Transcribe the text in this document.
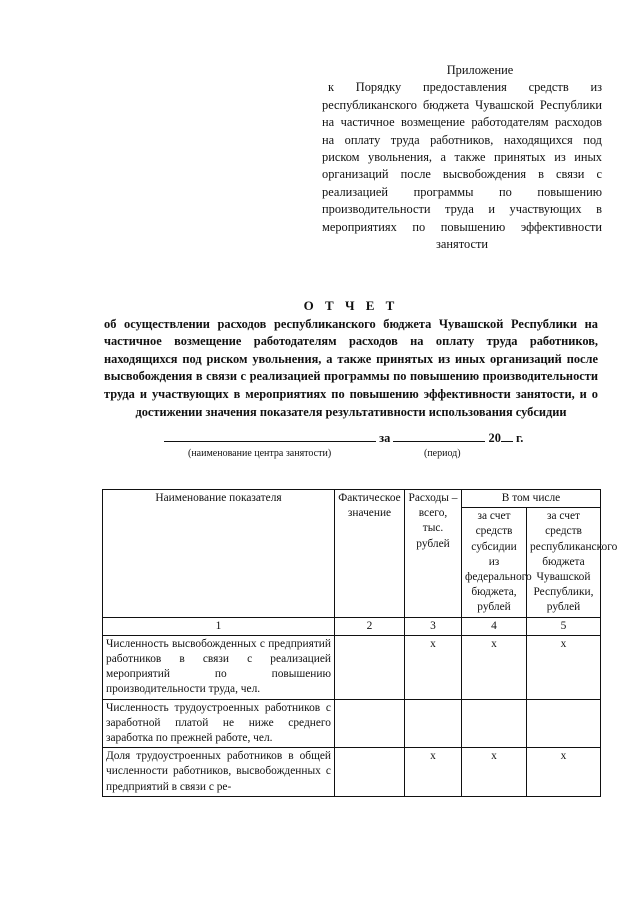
Приложение
к Порядку предоставления средств из республиканского бюджета Чувашской Республики на частичное возмещение работодателям расходов на оплату труда работников, находящихся под риском увольнения, а также принятых из иных организаций после высвобождения в связи с реализацией программы по повышению производительности труда и участвующих в мероприятиях по повышению эффективности занятости
О Т Ч Е Т
об осуществлении расходов республиканского бюджета Чувашской Республики на частичное возмещение работодателям расходов на оплату труда работников, находящихся под риском увольнения, а также принятых из иных организаций после высвобождения в связи с реализацией программы по повышению производительности труда и участвующих в мероприятиях по повышению эффективности занятости, и о достижении значения показателя результативности использования субсидии
за	20 г.
(наименование центра занятости)	(период)
Наименование показателя	Фактическое значение	Расходы – всего, тыс. рублей	В том числе	
			за счет средств субсидии из федерального бюджета, рублей	за счет средств республиканского бюджета Чувашской Республики, рублей
1	2	3	4	5
Численность высвобожденных с предприятий работников в связи с реализацией мероприятий по повышению производительности труда, чел.		х	х	х
Численность трудоустроенных работников с заработной платой не ниже среднего заработка по прежней работе, чел.				
Доля трудоустроенных работников в общей численности работников, высвобожденных с предприятий в связи с ре-		х	х	х
